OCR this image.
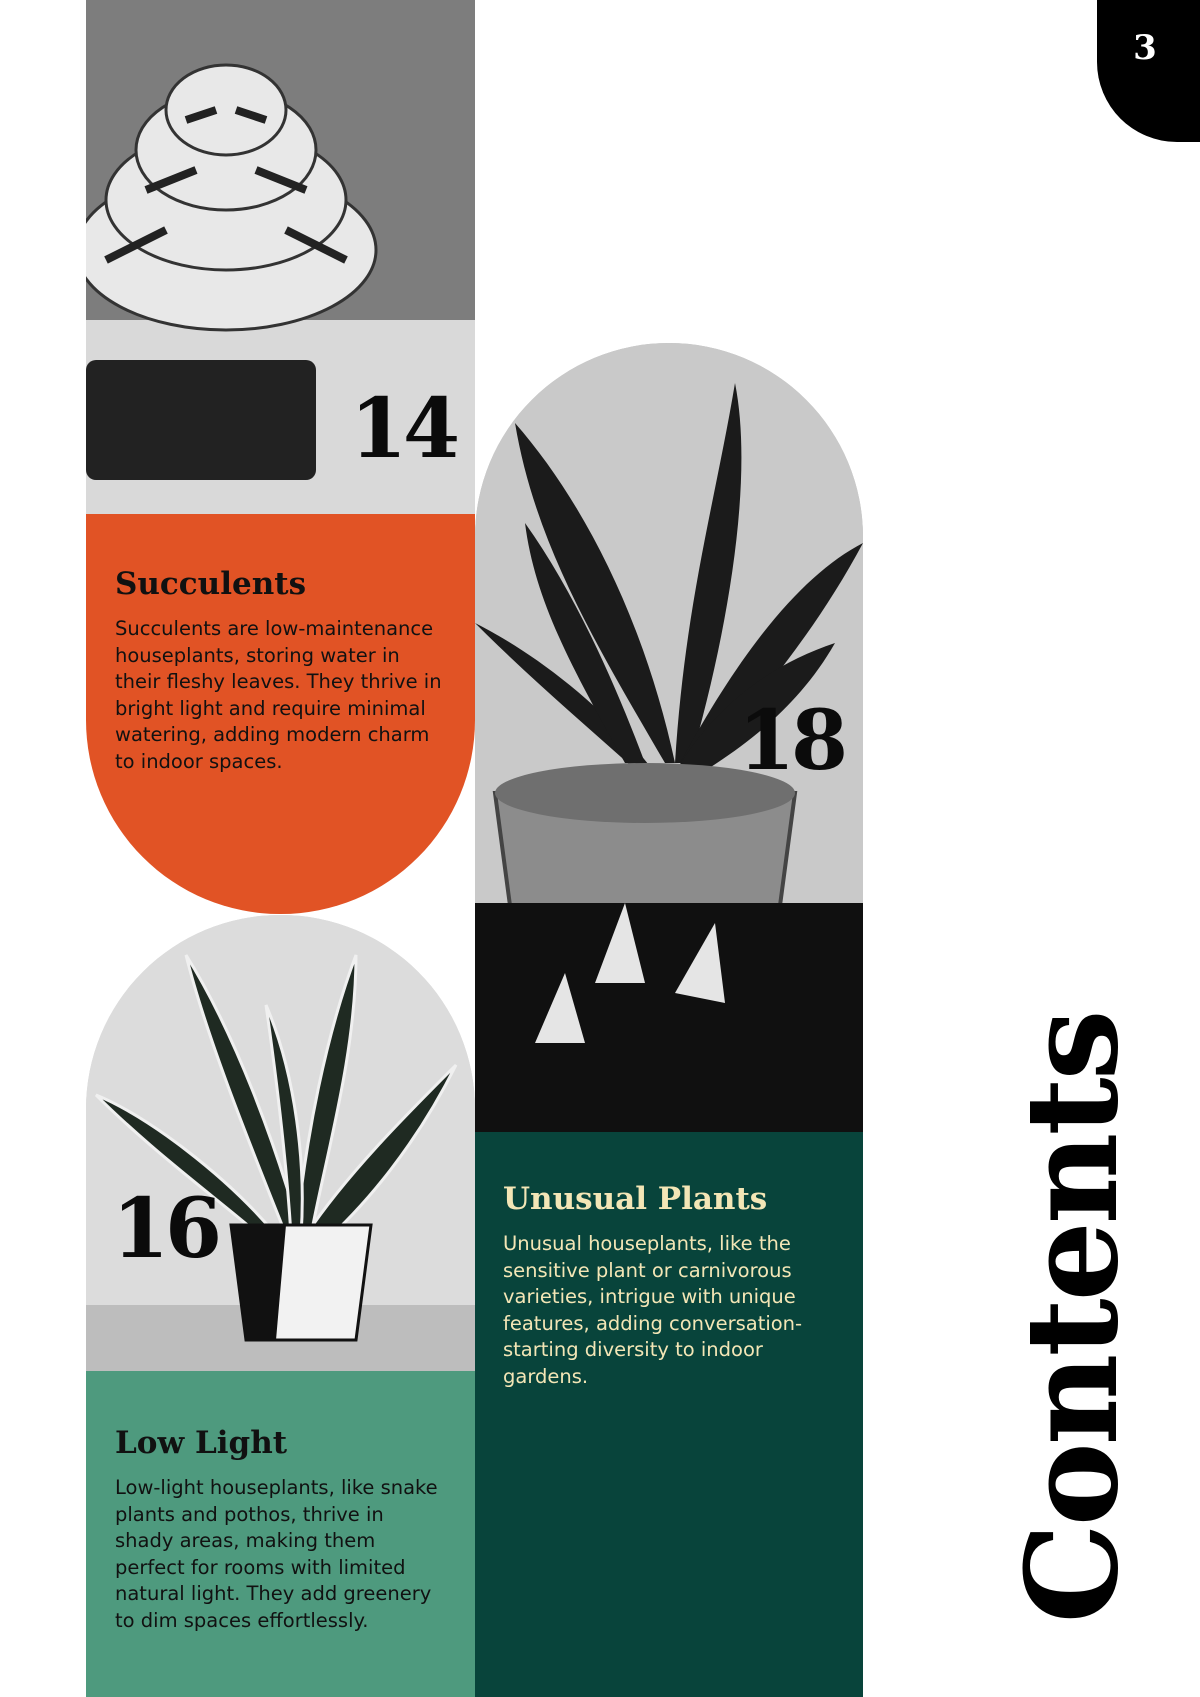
3
14
Succulents

Succulents are low-maintenance houseplants, storing water in their fleshy leaves. They thrive in bright light and require minimal watering, adding modern charm to indoor spaces.	18
Unusual Plants

Unusual houseplants, like the sensitive plant or carnivorous varieties, intrigue with unique features, adding conversation-starting diversity to indoor gardens.

16
Low Light

Low-light houseplants, like snake plants and pothos, thrive in shady areas, making them perfect for rooms with limited natural light. They add greenery to dim spaces effortlessly.	Contents
